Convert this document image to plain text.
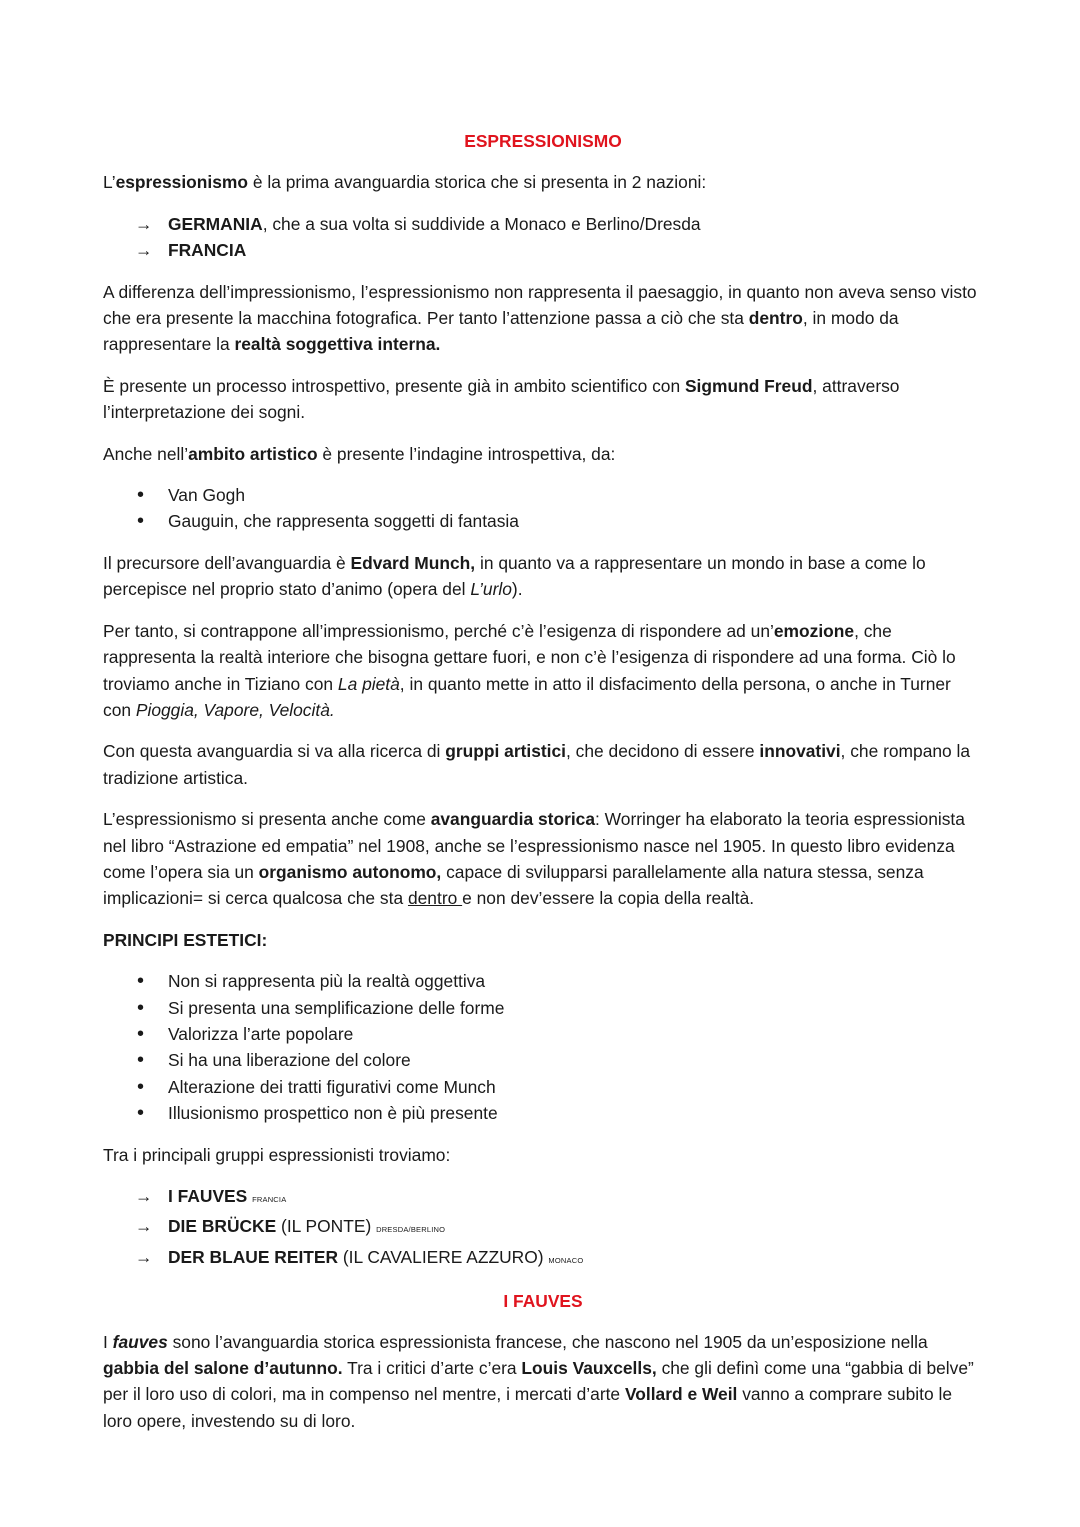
ESPRESSIONISMO

L’espressionismo è la prima avanguardia storica che si presenta in 2 nazioni:

→ GERMANIA, che a sua volta si suddivide a Monaco e Berlino/Dresda
→ FRANCIA

A differenza dell’impressionismo, l’espressionismo non rappresenta il paesaggio, in quanto non aveva senso visto che era presente la macchina fotografica. Per tanto l’attenzione passa a ciò che sta dentro, in modo da rappresentare la realtà soggettiva interna.

È presente un processo introspettivo, presente già in ambito scientifico con Sigmund Freud, attraverso l’interpretazione dei sogni.

Anche nell’ambito artistico è presente l’indagine introspettiva, da:

• Van Gogh
• Gauguin, che rappresenta soggetti di fantasia

Il precursore dell’avanguardia è Edvard Munch, in quanto va a rappresentare un mondo in base a come lo percepisce nel proprio stato d’animo (opera del L’urlo).

Per tanto, si contrappone all’impressionismo, perché c’è l’esigenza di rispondere ad un’emozione, che rappresenta la realtà interiore che bisogna gettare fuori, e non c’è l’esigenza di rispondere ad una forma. Ciò lo troviamo anche in Tiziano con La pietà, in quanto mette in atto il disfacimento della persona, o anche in Turner con Pioggia, Vapore, Velocità.

Con questa avanguardia si va alla ricerca di gruppi artistici, che decidono di essere innovativi, che rompano la tradizione artistica.

L’espressionismo si presenta anche come avanguardia storica: Worringer ha elaborato la teoria espressionista nel libro “Astrazione ed empatia” nel 1908, anche se l’espressionismo nasce nel 1905. In questo libro evidenza come l’opera sia un organismo autonomo, capace di svilupparsi parallelamente alla natura stessa, senza implicazioni= si cerca qualcosa che sta dentro e non dev’essere la copia della realtà.

PRINCIPI ESTETICI:

• Non si rappresenta più la realtà oggettiva
• Si presenta una semplificazione delle forme
• Valorizza l’arte popolare
• Si ha una liberazione del colore
• Alterazione dei tratti figurativi come Munch
• Illusionismo prospettico non è più presente

Tra i principali gruppi espressionisti troviamo:

→ I FAUVES FRANCIA
→ DIE BRÜCKE (IL PONTE) DRESDA/BERLINO
→ DER BLAUE REITER (IL CAVALIERE AZZURO) MONACO

I FAUVES

I fauves sono l’avanguardia storica espressionista francese, che nascono nel 1905 da un’esposizione nella gabbia del salone d’autunno. Tra i critici d’arte c’era Louis Vauxcells, che gli definì come una “gabbia di belve” per il loro uso di colori, ma in compenso nel mentre, i mercati d’arte Vollard e Weil vanno a comprare subito le loro opere, investendo su di loro.
